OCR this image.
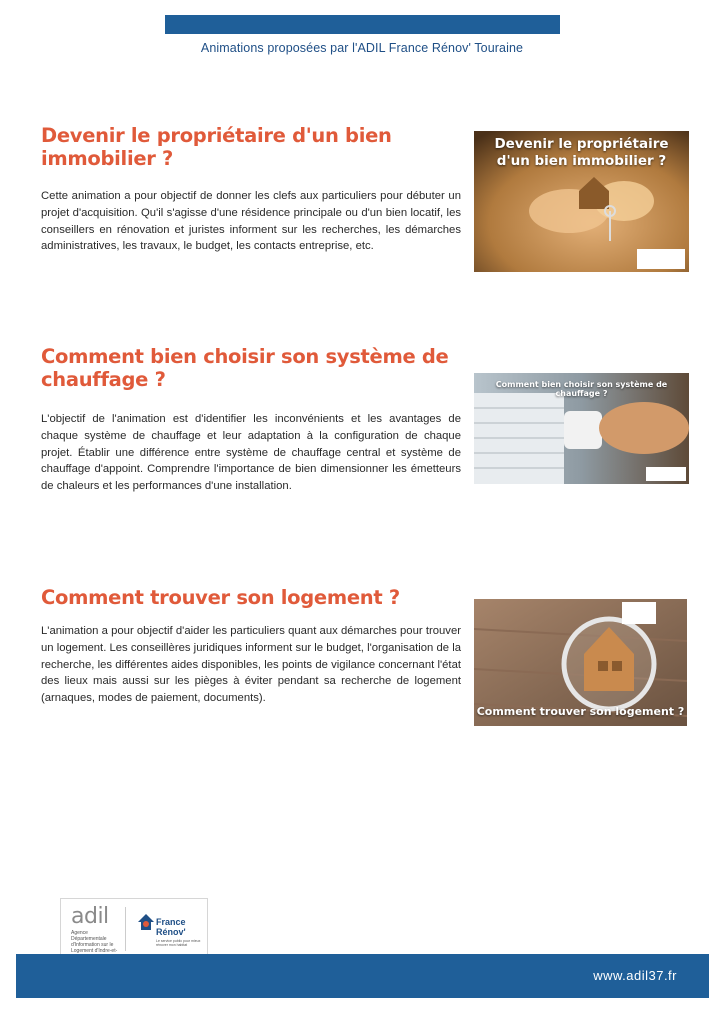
Animations proposées par l'ADIL France Rénov' Touraine
Devenir le propriétaire d'un bien immobilier ?
Cette animation a pour objectif de donner les clefs aux particuliers pour débuter un projet d'acquisition. Qu'il s'agisse d'une résidence principale ou d'un bien locatif, les conseillers en rénovation et juristes informent sur les recherches, les démarches administratives, les travaux, le budget, les contacts entreprise, etc.
Devenir le propriétaire
d'un bien immobilier ?
Comment bien choisir son système de chauffage ?
L'objectif de l'animation est d'identifier les inconvénients et les avantages de chaque système de chauffage et leur adaptation à la configuration de chaque projet. Établir une différence entre système de chauffage central et système de chauffage d'appoint. Comprendre l'importance de bien dimensionner les émetteurs de chaleurs et les performances d'une installation.
Comment bien choisir son système de chauffage ?
Comment trouver son logement ?
L'animation a pour objectif d'aider les particuliers quant aux démarches pour trouver un logement. Les conseillères juridiques informent sur le budget, l'organisation de la recherche, les différentes aides disponibles, les points de vigilance concernant l'état des lieux mais aussi sur les pièges à éviter pendant sa recherche de logement (arnaques, modes de paiement, documents).
Comment trouver son logement ?
adil
Agence Départementale d'Information sur le Logement d'Indre-et-
France Rénov'
Le service public pour mieux rénover mon habitat
www.adil37.fr
